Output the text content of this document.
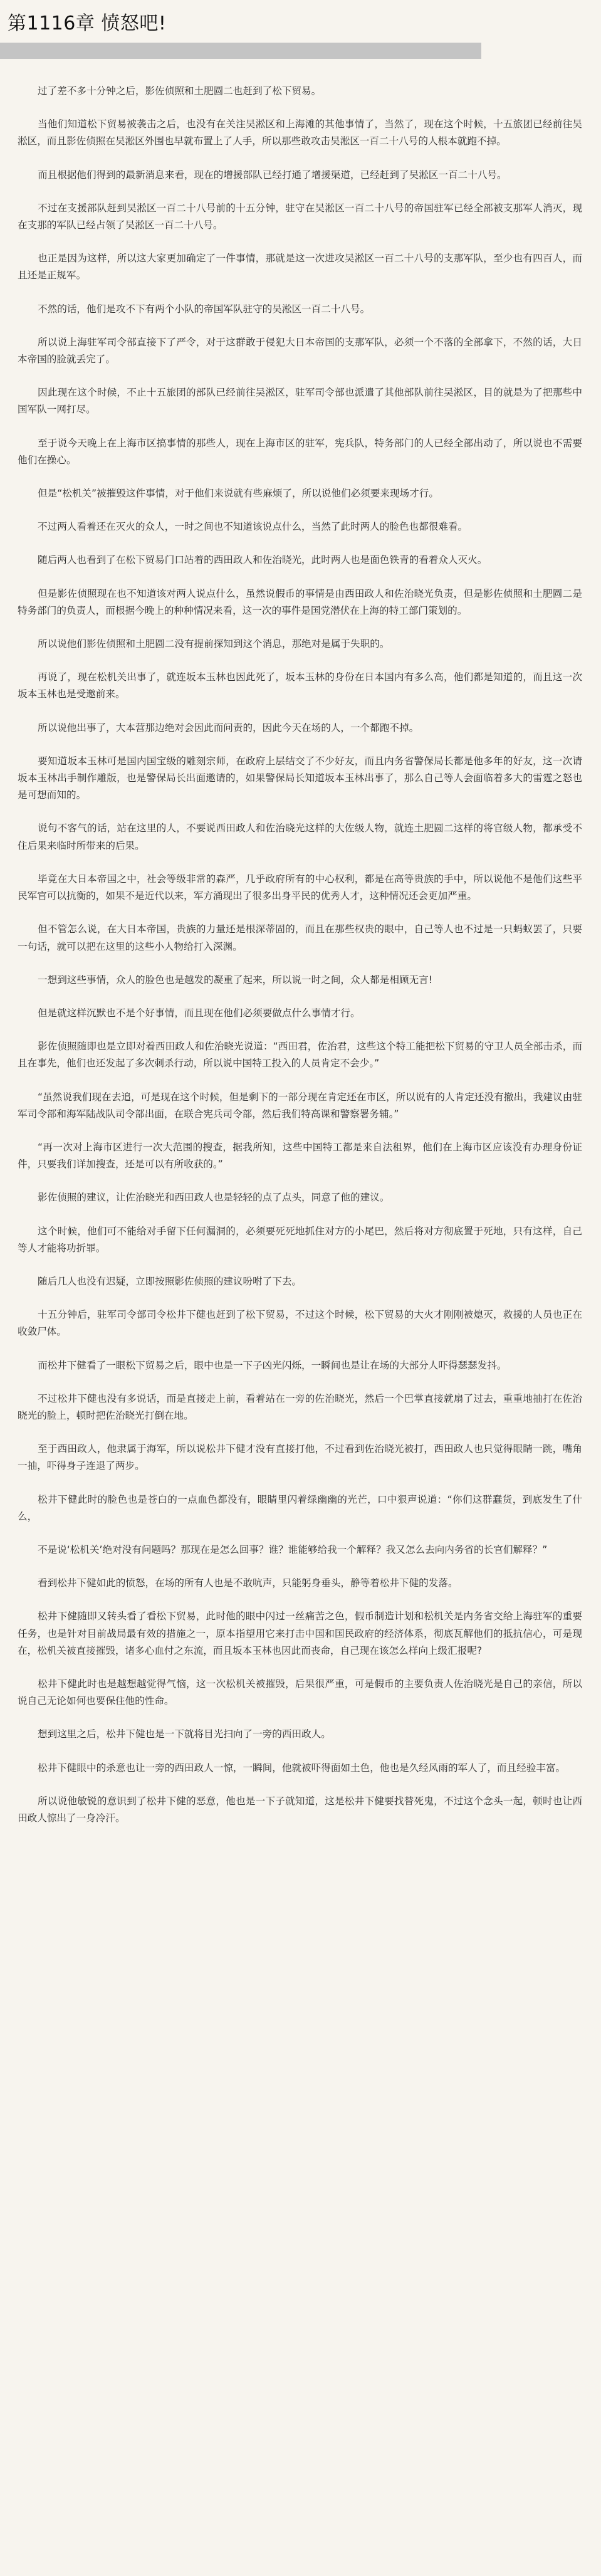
第1116章 愤怒吧!

过了差不多十分钟之后，影佐侦照和土肥圆二也赶到了松下贸易。

当他们知道松下贸易被袭击之后，也没有在关注吴淞区和上海滩的其他事情了，当然了，现在这个时候，十五旅团已经前往吴淞区，而且影佐侦照在吴淞区外围也早就布置上了人手，所以那些敢攻击吴淞区一百二十八号的人根本就跑不掉。

而且根据他们得到的最新消息来看，现在的增援部队已经打通了增援渠道，已经赶到了吴淞区一百二十八号。

不过在支援部队赶到吴淞区一百二十八号前的十五分钟，驻守在吴淞区一百二十八号的帝国驻军已经全部被支那军人消灭，现在支那的军队已经占领了吴淞区一百二十八号。

也正是因为这样，所以这大家更加确定了一件事情，那就是这一次进攻吴淞区一百二十八号的支那军队，至少也有四百人，而且还是正规军。

不然的话，他们是攻不下有两个小队的帝国军队驻守的吴淞区一百二十八号。

所以说上海驻军司令部直接下了严令，对于这群敢于侵犯大日本帝国的支那军队，必须一个不落的全部拿下，不然的话，大日本帝国的脸就丢完了。

因此现在这个时候，不止十五旅团的部队已经前往吴淞区，驻军司令部也派遣了其他部队前往吴淞区，目的就是为了把那些中国军队一网打尽。

至于说今天晚上在上海市区搞事情的那些人，现在上海市区的驻军，宪兵队，特务部门的人已经全部出动了，所以说也不需要他们在操心。

但是“松机关”被摧毁这件事情，对于他们来说就有些麻烦了，所以说他们必须要来现场才行。

不过两人看着还在灭火的众人，一时之间也不知道该说点什么，当然了此时两人的脸色也都很难看。

随后两人也看到了在松下贸易门口站着的西田政人和佐治晓光，此时两人也是面色铁青的看着众人灭火。

但是影佐侦照现在也不知道该对两人说点什么，虽然说假币的事情是由西田政人和佐治晓光负责，但是影佐侦照和土肥圆二是特务部门的负责人，而根据今晚上的种种情况来看，这一次的事件是国党潜伏在上海的特工部门策划的。

所以说他们影佐侦照和土肥圆二没有提前探知到这个消息，那绝对是属于失职的。

再说了，现在松机关出事了，就连坂本玉林也因此死了，坂本玉林的身份在日本国内有多么高，他们都是知道的，而且这一次坂本玉林也是受邀前来。

所以说他出事了，大本营那边绝对会因此而问责的，因此今天在场的人，一个都跑不掉。

要知道坂本玉林可是国内国宝级的雕刻宗师，在政府上层结交了不少好友，而且内务省警保局长都是他多年的好友，这一次请坂本玉林出手制作雕版，也是警保局长出面邀请的，如果警保局长知道坂本玉林出事了，那么自己等人会面临着多大的雷霆之怒也是可想而知的。

说句不客气的话，站在这里的人，不要说西田政人和佐治晓光这样的大佐级人物，就连土肥圆二这样的将官级人物，都承受不住后果来临时所带来的后果。

毕竟在大日本帝国之中，社会等级非常的森严，几乎政府所有的中心权利，都是在高等贵族的手中，所以说他不是他们这些平民军官可以抗衡的，如果不是近代以来，军方涌现出了很多出身平民的优秀人才，这种情况还会更加严重。

但不管怎么说，在大日本帝国，贵族的力量还是根深蒂固的，而且在那些权贵的眼中，自己等人也不过是一只蚂蚁罢了，只要一句话，就可以把在这里的这些小人物给打入深渊。

一想到这些事情，众人的脸色也是越发的凝重了起来，所以说一时之间，众人都是相顾无言!

但是就这样沉默也不是个好事情，而且现在他们必须要做点什么事情才行。

影佐侦照随即也是立即对着西田政人和佐治晓光说道：“西田君，佐治君，这些这个特工能把松下贸易的守卫人员全部击杀，而且在事先，他们也还发起了多次刺杀行动，所以说中国特工投入的人员肯定不会少。”

“虽然说我们现在去追，可是现在这个时候，但是剩下的一部分现在肯定还在市区，所以说有的人肯定还没有撤出，我建议由驻军司令部和海军陆战队司令部出面，在联合宪兵司令部，然后我们特高课和警察署务辅。”

“再一次对上海市区进行一次大范围的搜查，据我所知，这些中国特工都是来自法租界，他们在上海市区应该没有办理身份证件，只要我们详加搜查，还是可以有所收获的。”

影佐侦照的建议，让佐治晓光和西田政人也是轻轻的点了点头，同意了他的建议。

这个时候，他们可不能给对手留下任何漏洞的，必须要死死地抓住对方的小尾巴，然后将对方彻底置于死地，只有这样，自己等人才能将功折罪。

随后几人也没有迟疑，立即按照影佐侦照的建议吩咐了下去。

十五分钟后，驻军司令部司令松井下健也赶到了松下贸易，不过这个时候，松下贸易的大火才刚刚被熄灭，救援的人员也正在收敛尸体。

而松井下健看了一眼松下贸易之后，眼中也是一下子凶光闪烁，一瞬间也是让在场的大部分人吓得瑟瑟发抖。

不过松井下健也没有多说话，而是直接走上前，看着站在一旁的佐治晓光，然后一个巴掌直接就扇了过去，重重地抽打在佐治晓光的脸上，顿时把佐治晓光打倒在地。

至于西田政人，他隶属于海军，所以说松井下健才没有直接打他，不过看到佐治晓光被打，西田政人也只觉得眼睛一跳，嘴角一抽，吓得身子连退了两步。

松井下健此时的脸色也是苍白的一点血色都没有，眼睛里闪着绿幽幽的光芒，口中狠声说道：“你们这群蠢货，到底发生了什么，

不是说‘松机关’绝对没有问题吗？那现在是怎么回事？谁？谁能够给我一个解释？我又怎么去向内务省的长官们解释？”

看到松井下健如此的愤怒，在场的所有人也是不敢吭声，只能躬身垂头，静等着松井下健的发落。

松井下健随即又转头看了看松下贸易，此时他的眼中闪过一丝痛苦之色，假币制造计划和松机关是内务省交给上海驻军的重要任务，也是针对目前战局最有效的措施之一，原本指望用它来打击中国和国民政府的经济体系，彻底瓦解他们的抵抗信心，可是现在，松机关被直接摧毁，诸多心血付之东流，而且坂本玉林也因此而丧命，自己现在该怎么样向上级汇报呢?

松井下健此时也是越想越觉得气恼，这一次松机关被摧毁，后果很严重，可是假币的主要负责人佐治晓光是自己的亲信，所以说自己无论如何也要保住他的性命。

想到这里之后，松井下健也是一下就将目光扫向了一旁的西田政人。

松井下健眼中的杀意也让一旁的西田政人一惊，一瞬间，他就被吓得面如土色，他也是久经风雨的军人了，而且经验丰富。

所以说他敏锐的意识到了松井下健的恶意，他也是一下子就知道，这是松井下健要找替死鬼，不过这个念头一起，顿时也让西田政人惊出了一身冷汗。
